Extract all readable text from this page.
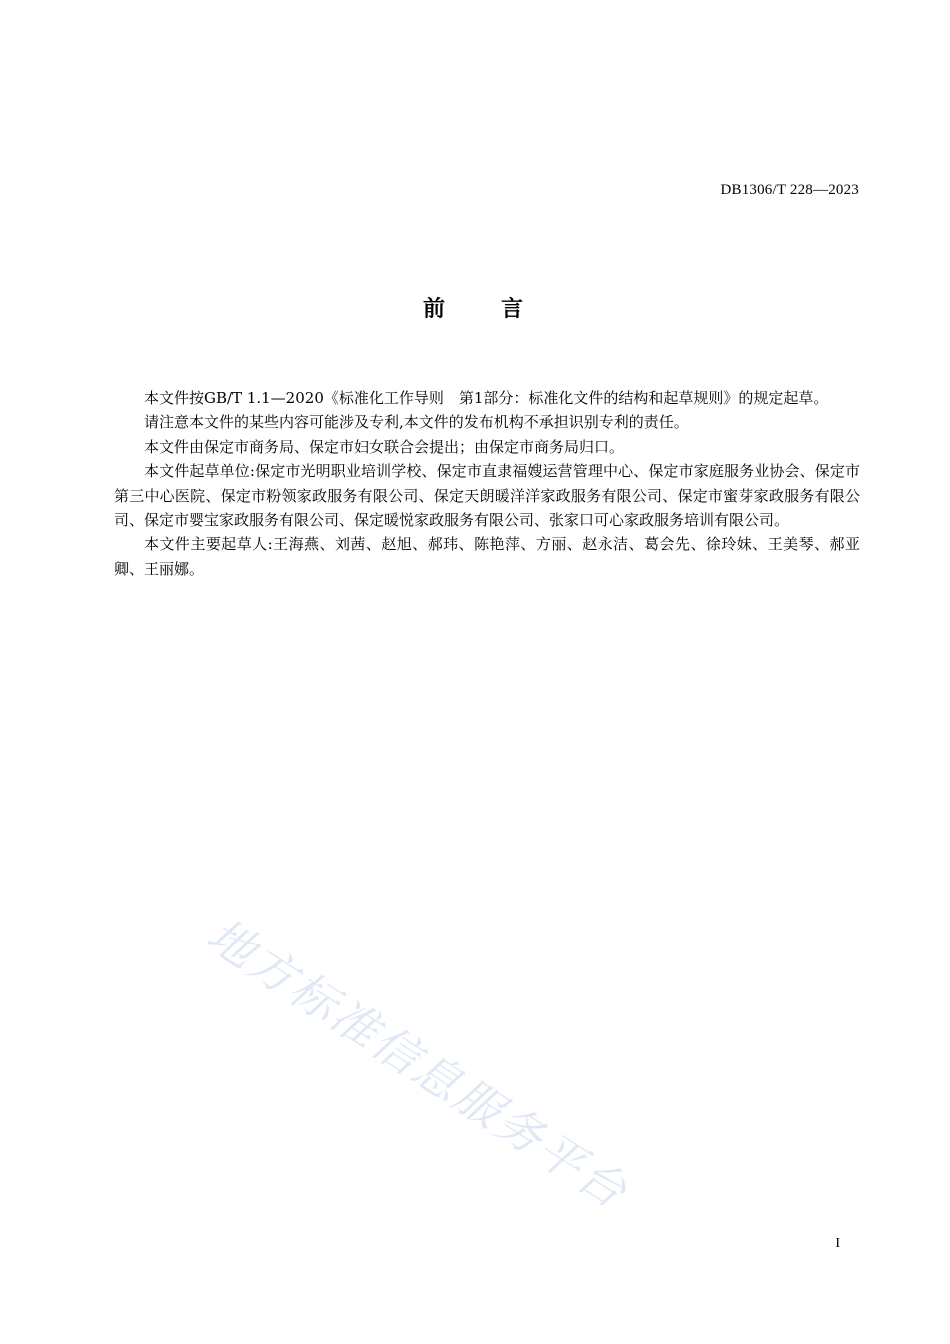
DB1306/T 228—2023
前　　言

本文件按GB/T 1.1—2020《标准化工作导则　第1部分：标准化文件的结构和起草规则》的规定起草。

请注意本文件的某些内容可能涉及专利,本文件的发布机构不承担识别专利的责任。

本文件由保定市商务局、保定市妇女联合会提出；由保定市商务局归口。

本文件起草单位:保定市光明职业培训学校、保定市直隶福嫂运营管理中心、保定市家庭服务业协会、保定市第三中心医院、保定市粉领家政服务有限公司、保定天朗暖洋洋家政服务有限公司、保定市蜜芽家政服务有限公司、保定市婴宝家政服务有限公司、保定暖悦家政服务有限公司、张家口可心家政服务培训有限公司。

本文件主要起草人:王海燕、刘茜、赵旭、郝玮、陈艳萍、方丽、赵永洁、葛会先、徐玲妹、王美琴、郝亚卿、王丽娜。

地方标准信息服务平台
I
